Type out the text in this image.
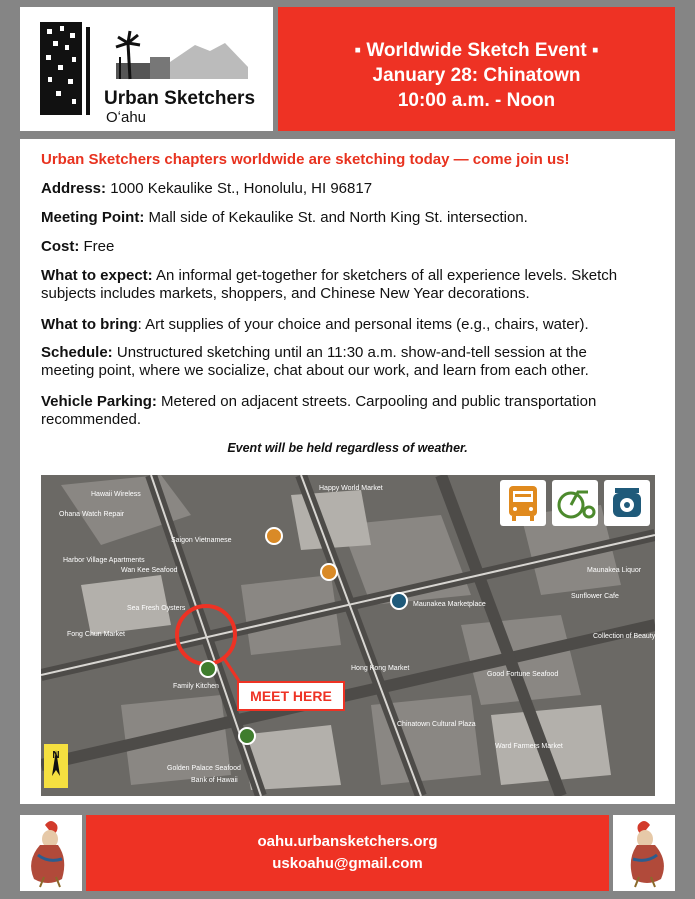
Urban Sketchers
Oʻahu
▪ Worldwide Sketch Event ▪
January 28: Chinatown
10:00 a.m. - Noon
Urban Sketchers chapters worldwide are sketching today — come join us!
Address: 1000 Kekaulike St., Honolulu, HI 96817
Meeting Point: Mall side of Kekaulike St. and North King St. intersection.
Cost: Free
What to expect: An informal get-together for sketchers of all experience levels. Sketch subjects includes markets, shoppers, and Chinese New Year decorations.
What to bring: Art supplies of your choice and personal items (e.g., chairs, water).
Schedule: Unstructured sketching until an 11:30 a.m. show-and-tell session at the meeting point, where we socialize, chat about our work, and learn from each other.
Vehicle Parking: Metered on adjacent streets. Carpooling and public transportation recommended.
Event will be held regardless of weather.
Hawaii Wireless
Ohana Watch Repair
Harbor Village Apartments
Wan Kee Seafood
Sea Fresh Oysters
Fong Chun Market
Saigon Vietnamese
Happy World Market
Maunakea Marketplace
Hong Kong Market
Family Kitchen
Golden Palace Seafood
Good Fortune Seafood
Sunflower Cafe
Collection of Beauty
Maunakea Liquor
Chinatown Cultural Plaza
Bank of Hawaii
Ward Farmers Market
MEET HERE
N
oahu.urbansketchers.org
uskoahu@gmail.com
